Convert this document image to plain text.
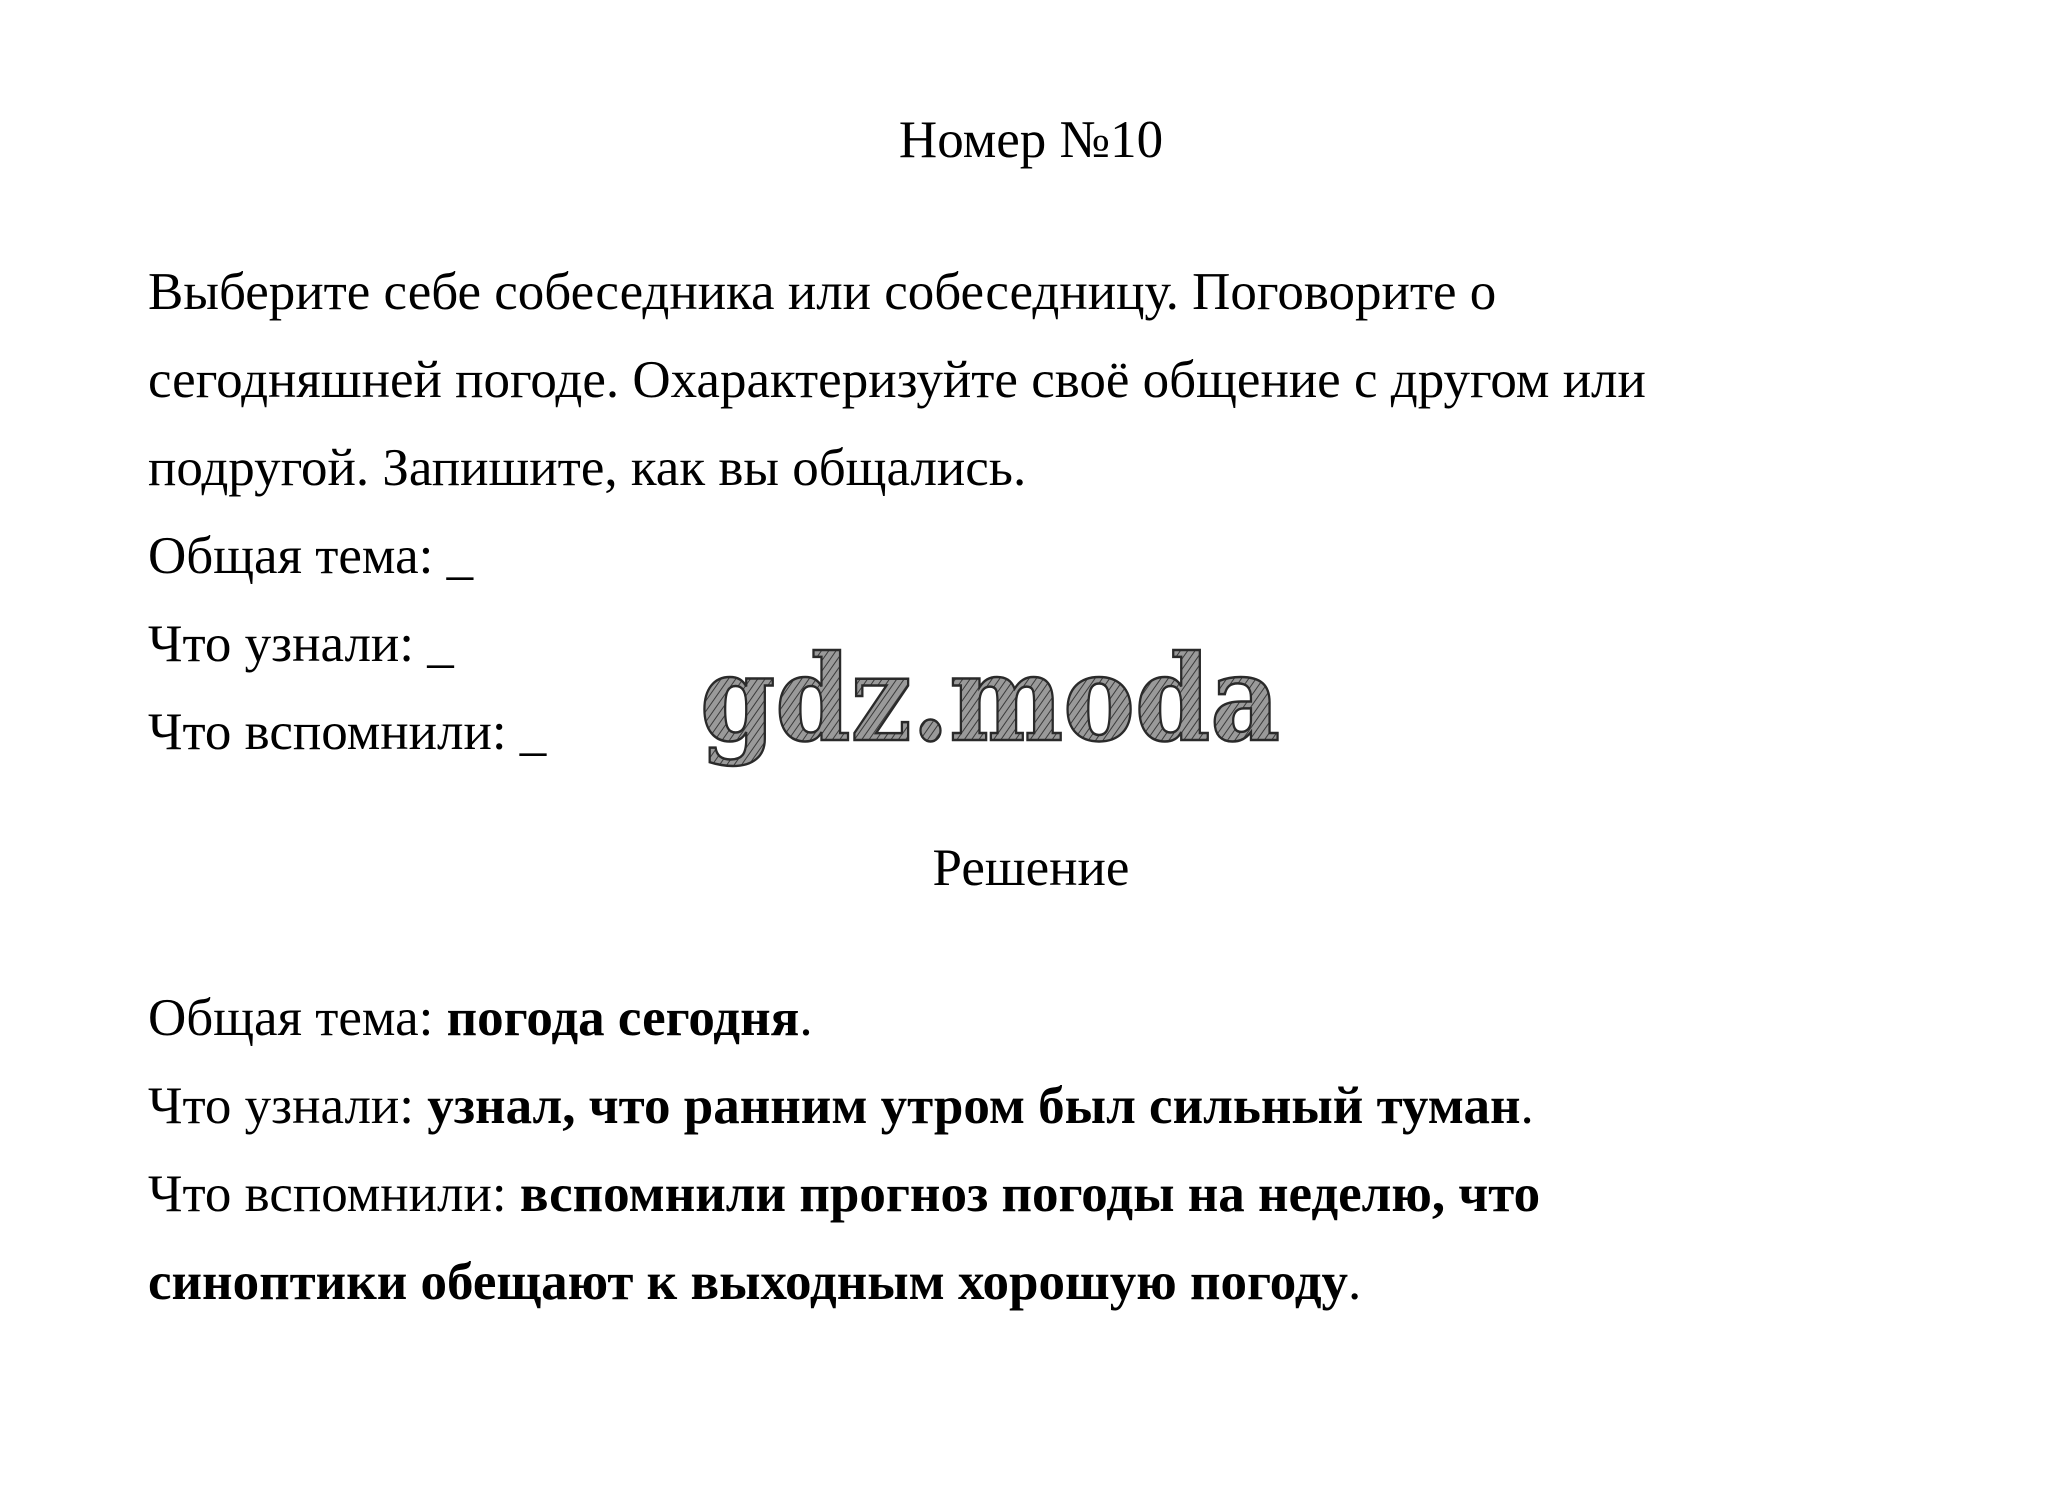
Номер №10

Выберите себе собеседника или собеседницу. Поговорите о

сегодняшней погоде. Охарактеризуйте своё общение с другом или

подругой. Запишите, как вы общались.

Общая тема: _

Что узнали: _

Что вспомнили: _	gdz.moda
Решение

Общая тема: погода сегодня.

Что узнали: узнал, что ранним утром был сильный туман.

Что вспомнили: вспомнили прогноз погоды на неделю, что

синоптики обещают к выходным хорошую погоду.
